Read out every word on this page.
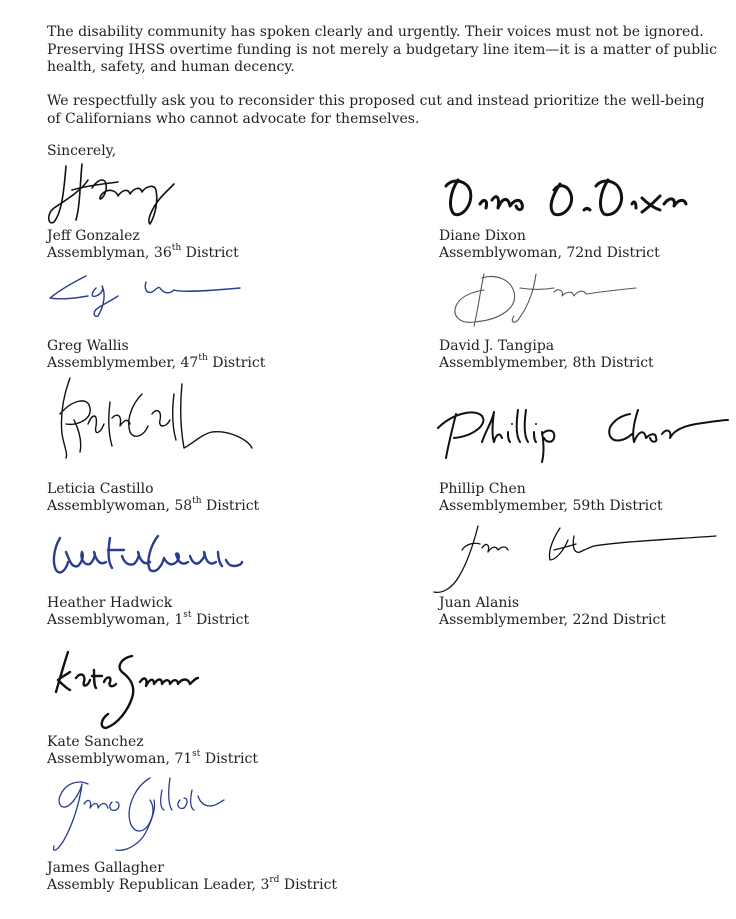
The disability community has spoken clearly and urgently. Their voices must not be ignored. Preserving IHSS overtime funding is not merely a budgetary line item—it is a matter of public health, safety, and human decency.

We respectfully ask you to reconsider this proposed cut and instead prioritize the well-being of Californians who cannot advocate for themselves.

Sincerely,
Jeff Gonzalez
Assemblyman, 36th District
Diane Dixon
Assemblywoman, 72nd District
Greg Wallis
Assemblymember, 47th District
David J. Tangipa
Assemblymember, 8th District
Leticia Castillo
Assemblywoman, 58th District
Phillip Chen
Assemblymember, 59th District
Heather Hadwick
Assemblywoman, 1st District
Juan Alanis
Assemblymember, 22nd District
Kate Sanchez
Assemblywoman, 71st District
James Gallagher
Assembly Republican Leader, 3rd District
